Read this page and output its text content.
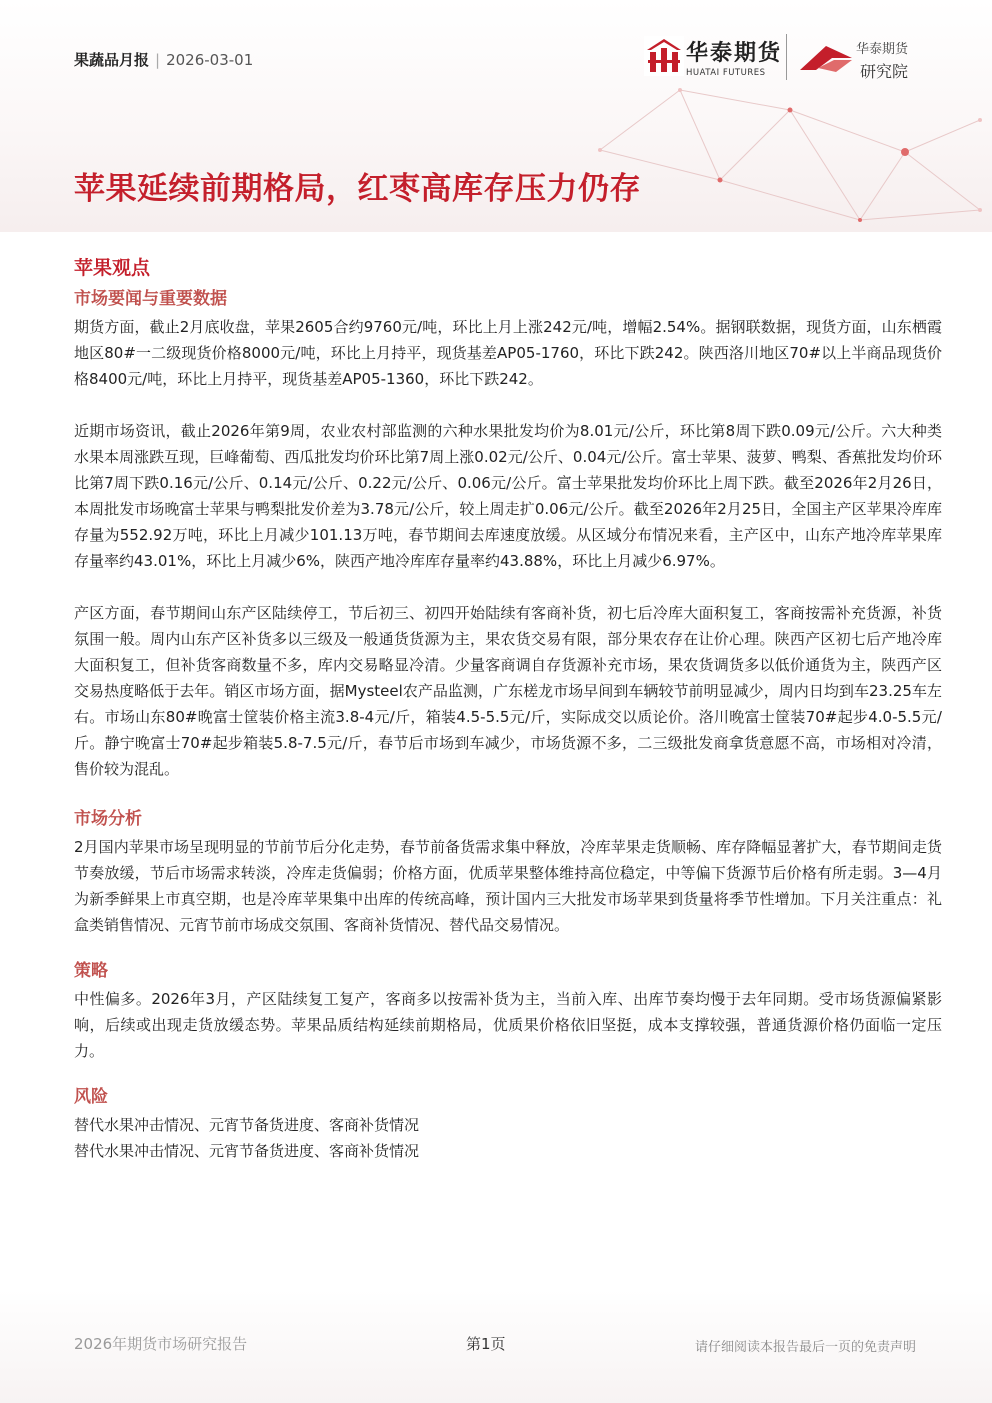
果蔬品月报 | 2026-03-01	华泰期货
HUATAI FUTURES
华泰期货
研究院
苹果延续前期格局，红枣高库存压力仍存
苹果观点
市场要闻与重要数据

期货方面，截止2月底收盘，苹果2605合约9760元/吨，环比上月上涨242元/吨，增幅2.54%。据钢联数据，现货方面，山东栖霞地区80#一二级现货价格8000元/吨，环比上月持平，现货基差AP05-1760，环比下跌242。陕西洛川地区70#以上半商品现货价格8400元/吨，环比上月持平，现货基差AP05-1360，环比下跌242。

近期市场资讯，截止2026年第9周，农业农村部监测的六种水果批发均价为8.01元/公斤，环比第8周下跌0.09元/公斤。六大种类水果本周涨跌互现，巨峰葡萄、西瓜批发均价环比第7周上涨0.02元/公斤、0.04元/公斤。富士苹果、菠萝、鸭梨、香蕉批发均价环比第7周下跌0.16元/公斤、0.14元/公斤、0.22元/公斤、0.06元/公斤。富士苹果批发均价环比上周下跌。截至2026年2月26日，本周批发市场晚富士苹果与鸭梨批发价差为3.78元/公斤，较上周走扩0.06元/公斤。截至2026年2月25日，全国主产区苹果冷库库存量为552.92万吨，环比上月减少101.13万吨，春节期间去库速度放缓。从区域分布情况来看，主产区中，山东产地冷库苹果库存量率约43.01%，环比上月减少6%，陕西产地冷库库存量率约43.88%，环比上月减少6.97%。

产区方面，春节期间山东产区陆续停工，节后初三、初四开始陆续有客商补货，初七后冷库大面积复工，客商按需补充货源，补货氛围一般。周内山东产区补货多以三级及一般通货货源为主，果农货交易有限，部分果农存在让价心理。陕西产区初七后产地冷库大面积复工，但补货客商数量不多，库内交易略显冷清。少量客商调自存货源补充市场，果农货调货多以低价通货为主，陕西产区交易热度略低于去年。销区市场方面，据Mysteel农产品监测，广东槎龙市场早间到车辆较节前明显减少，周内日均到车23.25车左右。市场山东80#晚富士筐装价格主流3.8-4元/斤，箱装4.5-5.5元/斤，实际成交以质论价。洛川晚富士筐装70#起步4.0-5.5元/斤。静宁晚富士70#起步箱装5.8-7.5元/斤，春节后市场到车减少，市场货源不多，二三级批发商拿货意愿不高，市场相对冷清，售价较为混乱。

市场分析

2月国内苹果市场呈现明显的节前节后分化走势，春节前备货需求集中释放，冷库苹果走货顺畅、库存降幅显著扩大，春节期间走货节奏放缓，节后市场需求转淡，冷库走货偏弱；价格方面，优质苹果整体维持高位稳定，中等偏下货源节后价格有所走弱。3—4月为新季鲜果上市真空期，也是冷库苹果集中出库的传统高峰，预计国内三大批发市场苹果到货量将季节性增加。下月关注重点：礼盒类销售情况、元宵节前市场成交氛围、客商补货情况、替代品交易情况。

策略

中性偏多。2026年3月，产区陆续复工复产，客商多以按需补货为主，当前入库、出库节奏均慢于去年同期。受市场货源偏紧影响，后续或出现走货放缓态势。苹果品质结构延续前期格局，优质果价格依旧坚挺，成本支撑较强，普通货源价格仍面临一定压力。

风险

替代水果冲击情况、元宵节备货进度、客商补货情况

替代水果冲击情况、元宵节备货进度、客商补货情况

2026年期货市场研究报告	第1页	请仔细阅读本报告最后一页的免责声明
